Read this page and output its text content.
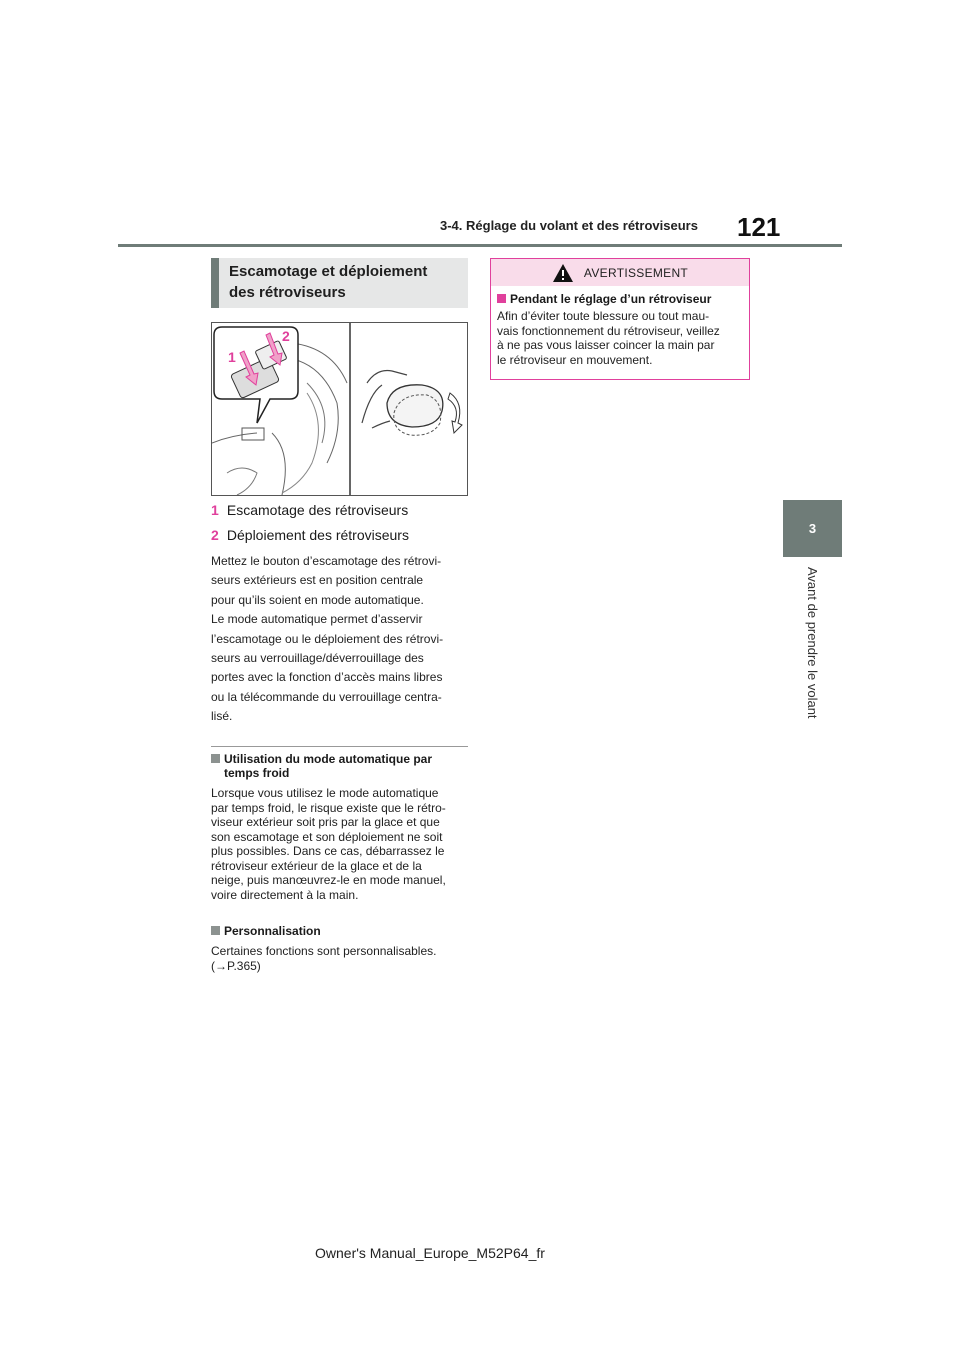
3-4. Réglage du volant et des rétroviseurs 121
3
Avant de prendre le volant
Escamotage et déploiement
des rétroviseurs
1
2
1 Escamotage des rétroviseurs
2 Déploiement des rétroviseurs
Mettez le bouton d’escamotage des rétrovi-
seurs extérieurs est en position centrale
pour qu’ils soient en mode automatique.
Le mode automatique permet d’asservir
l’escamotage ou le déploiement des rétrovi-
seurs au verrouillage/déverrouillage des
portes avec la fonction d’accès mains libres
ou la télécommande du verrouillage centra-
lisé.
Utilisation du mode automatique par
temps froid
Lorsque vous utilisez le mode automatique
par temps froid, le risque existe que le rétro-
viseur extérieur soit pris par la glace et que
son escamotage et son déploiement ne soit
plus possibles. Dans ce cas, débarrassez le
rétroviseur extérieur de la glace et de la
neige, puis manœuvrez-le en mode manuel,
voire directement à la main.
Personnalisation
Certaines fonctions sont personnalisables.
(→P.365)
AVERTISSEMENT
Pendant le réglage d’un rétroviseur
Afin d’éviter toute blessure ou tout mau-
vais fonctionnement du rétroviseur, veillez
à ne pas vous laisser coincer la main par
le rétroviseur en mouvement.
Owner's Manual_Europe_M52P64_fr
